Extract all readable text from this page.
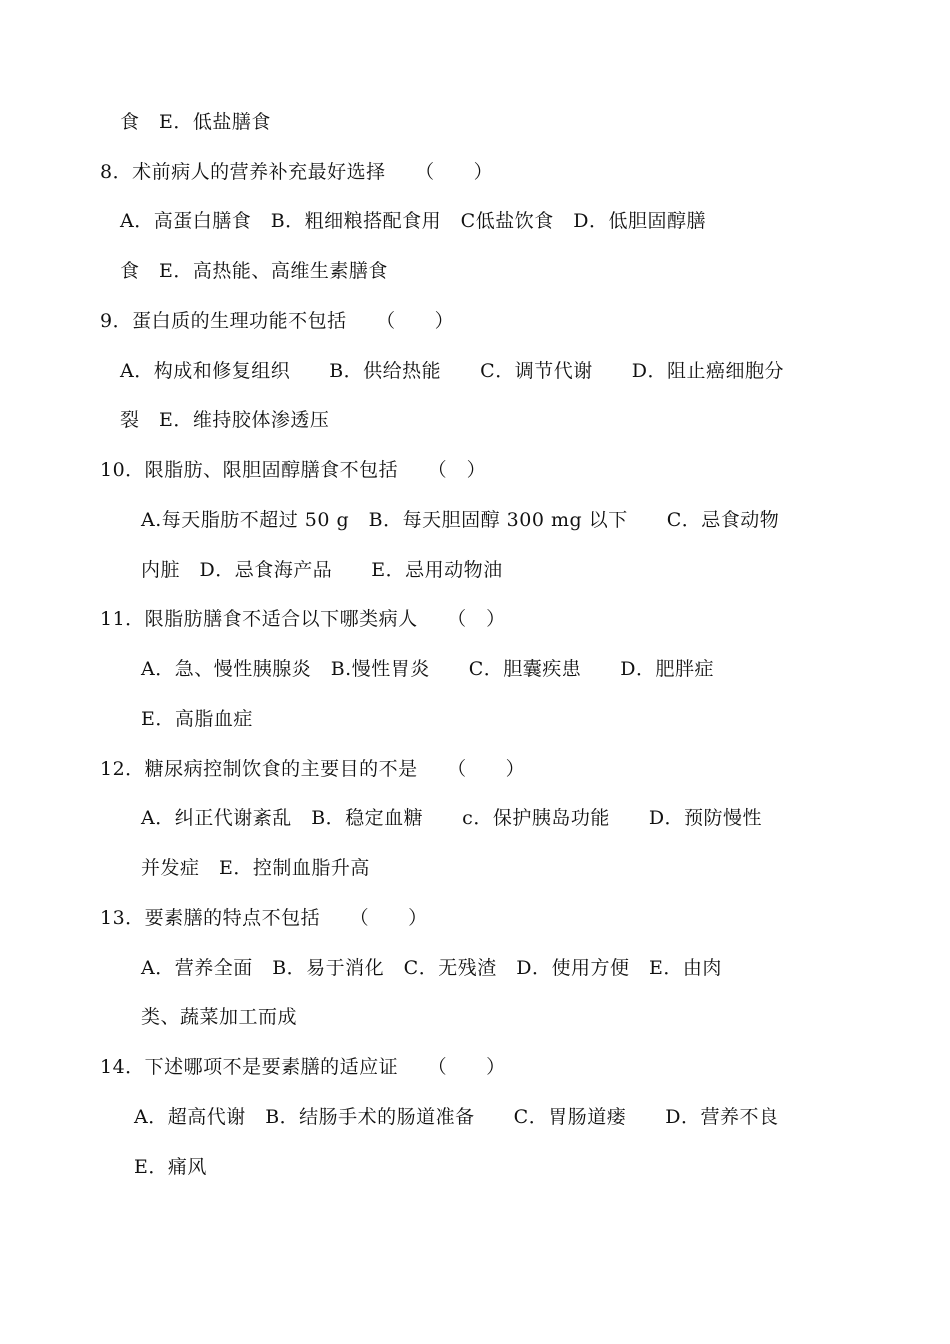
食　E．低盐膳食
8．术前病人的营养补充最好选择　　（　　）
A．高蛋白膳食　B．粗细粮搭配食用　C低盐饮食　D．低胆固醇膳
食　E．高热能、高维生素膳食
9．蛋白质的生理功能不包括　　（　　）
A．构成和修复组织　　B．供给热能　　C．调节代谢　　D．阻止癌细胞分
裂　E．维持胶体渗透压
10．限脂肪、限胆固醇膳食不包括　　（　）
A.每天脂肪不超过 50 g　B．每天胆固醇 300 mg 以下　　C．忌食动物
内脏　D．忌食海产品　　E．忌用动物油
11．限脂肪膳食不适合以下哪类病人　　（　）
A．急、慢性胰腺炎　B.慢性胃炎　　C．胆囊疾患　　D．肥胖症
E．高脂血症
12．糖尿病控制饮食的主要目的不是　　（　　）
A．纠正代谢紊乱　B．稳定血糖　　c．保护胰岛功能　　D．预防慢性
并发症　E．控制血脂升高
13．要素膳的特点不包括　　（　　）
A．营养全面　B．易于消化　C．无残渣　D．使用方便　E．由肉
类、蔬菜加工而成
14．下述哪项不是要素膳的适应证　　（　　）
A．超高代谢　B．结肠手术的肠道准备　　C．胃肠道瘘　　D．营养不良
E．痛风
